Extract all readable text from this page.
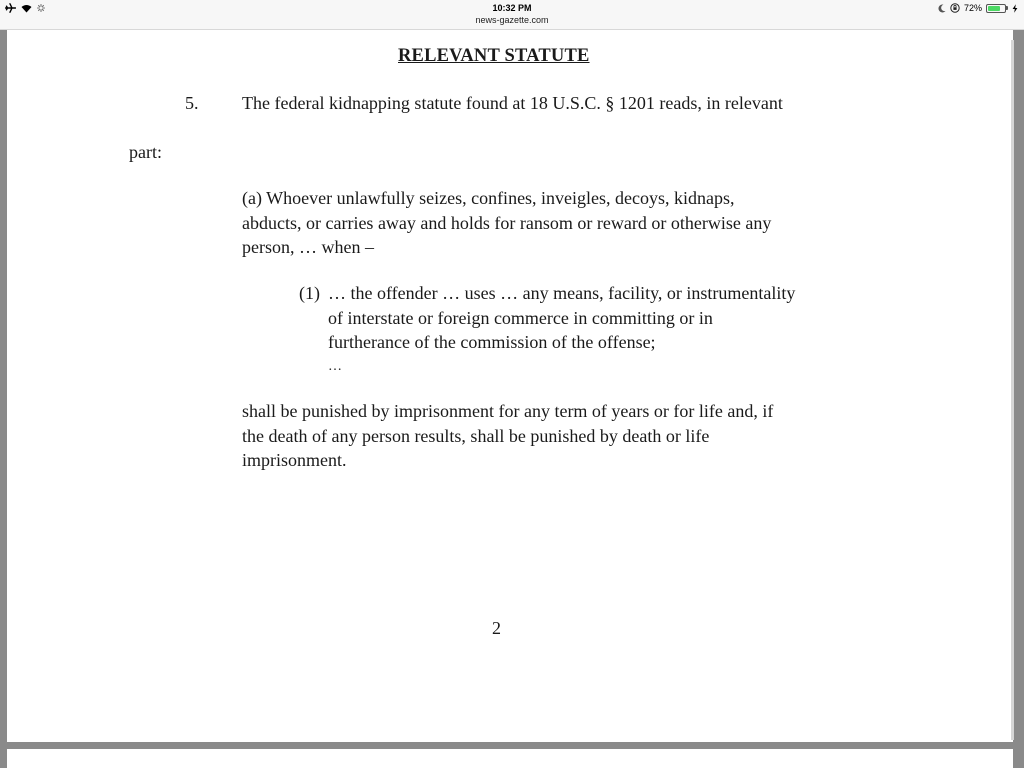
10:32 PM
news-gazette.com
72%
RELEVANT STATUTE
5. The federal kidnapping statute found at 18 U.S.C. § 1201 reads, in relevant
part:
(a) Whoever unlawfully seizes, confines, inveigles, decoys, kidnaps,
abducts, or carries away and holds for ransom or reward or otherwise any
person, … when –
(1) … the offender … uses … any means, facility, or instrumentality
of interstate or foreign commerce in committing or in
furtherance of the commission of the offense;
…
shall be punished by imprisonment for any term of years or for life and, if
the death of any person results, shall be punished by death or life
imprisonment.
2
